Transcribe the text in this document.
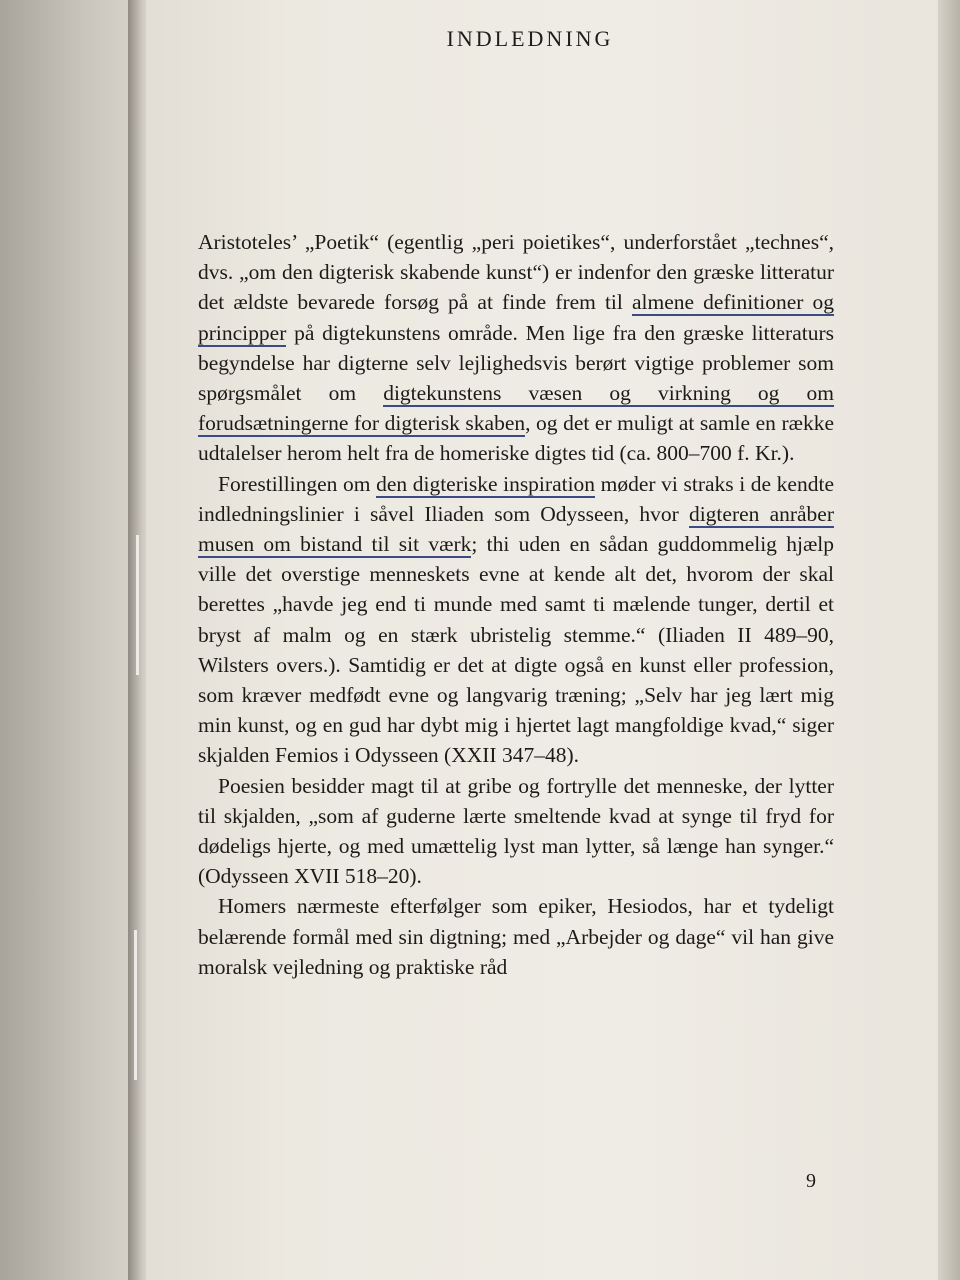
INDLEDNING

Aristoteles’ „Poetik“ (egentlig „peri poietikes“, underforstået „technes“, dvs. „om den digterisk skabende kunst“) er indenfor den græske litteratur det ældste bevarede forsøg på at finde frem til almene definitioner og principper på digtekunstens område. Men lige fra den græske litteraturs begyndelse har digterne selv lejlighedsvis berørt vigtige problemer som spørgsmålet om digtekunstens væsen og virkning og om forudsætningerne for digterisk skaben, og det er muligt at samle en række udtalelser herom helt fra de homeriske digtes tid (ca. 800–700 f. Kr.).

Forestillingen om den digteriske inspiration møder vi straks i de kendte indledningslinier i såvel Iliaden som Odysseen, hvor digteren anråber musen om bistand til sit værk; thi uden en sådan guddommelig hjælp ville det overstige menneskets evne at kende alt det, hvorom der skal berettes „havde jeg end ti munde med samt ti mælende tunger, dertil et bryst af malm og en stærk ubristelig stemme.“ (Iliaden II 489–90, Wilsters overs.). Samtidig er det at digte også en kunst eller profession, som kræver medfødt evne og langvarig træning; „Selv har jeg lært mig min kunst, og en gud har dybt mig i hjertet lagt mangfoldige kvad,“ siger skjalden Femios i Odysseen (XXII 347–48).

Poesien besidder magt til at gribe og fortrylle det menneske, der lytter til skjalden, „som af guderne lærte smeltende kvad at synge til fryd for dødeligs hjerte, og med umættelig lyst man lytter, så længe han synger.“ (Odysseen XVII 518–20).

Homers nærmeste efterfølger som epiker, Hesiodos, har et tydeligt belærende formål med sin digtning; med „Arbejder og dage“ vil han give moralsk vejledning og praktiske råd

9
